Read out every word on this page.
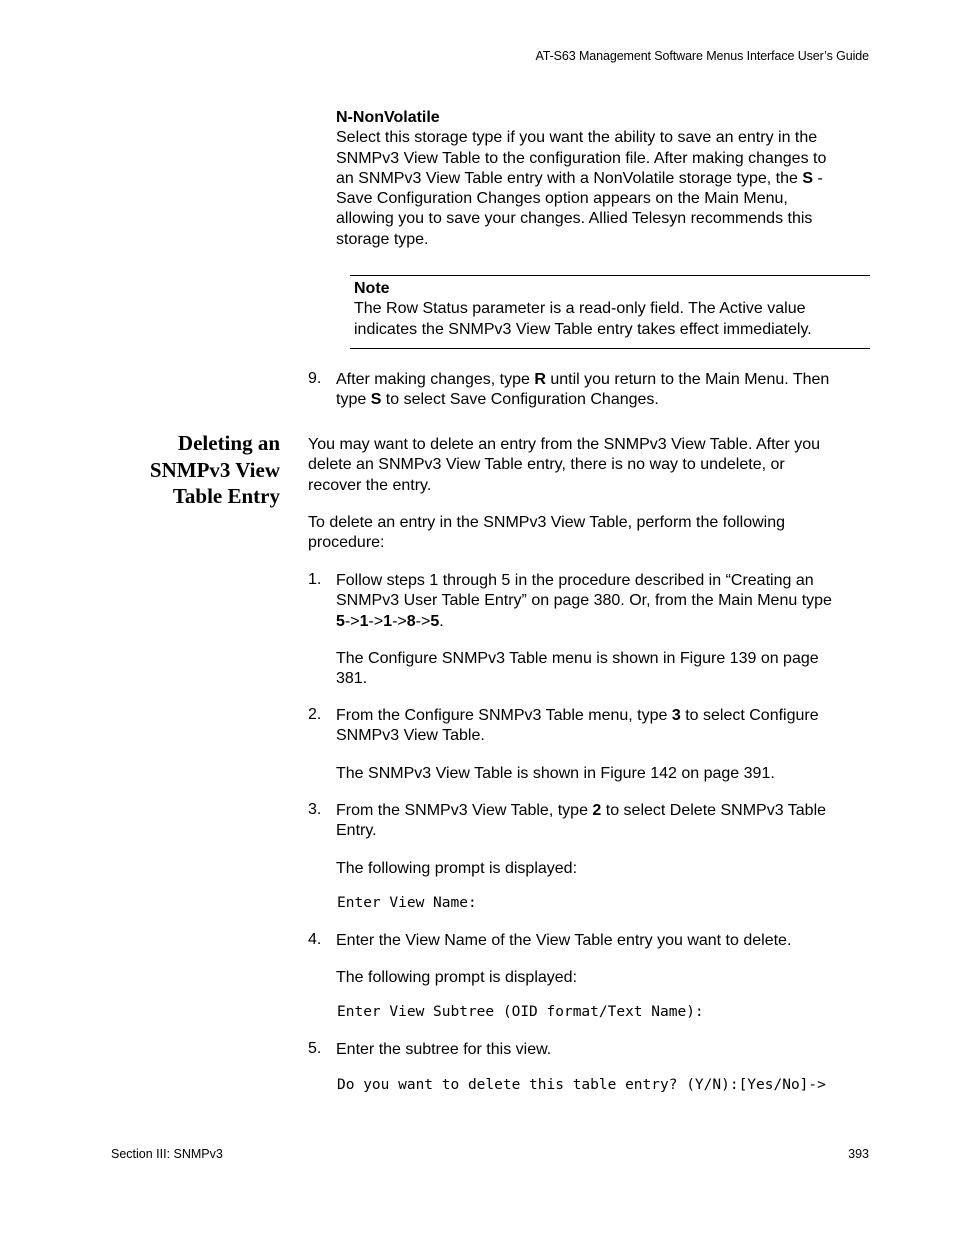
AT-S63 Management Software Menus Interface User’s Guide
N-NonVolatile
Select this storage type if you want the ability to save an entry in the
SNMPv3 View Table to the configuration file. After making changes to
an SNMPv3 View Table entry with a NonVolatile storage type, the S -
Save Configuration Changes option appears on the Main Menu,
allowing you to save your changes. Allied Telesyn recommends this
storage type.
Note
The Row Status parameter is a read-only field. The Active value
indicates the SNMPv3 View Table entry takes effect immediately.
9. After making changes, type R until you return to the Main Menu. Then
type S to select Save Configuration Changes.
Deleting an
SNMPv3 View
Table Entry
You may want to delete an entry from the SNMPv3 View Table. After you
delete an SNMPv3 View Table entry, there is no way to undelete, or
recover the entry.
To delete an entry in the SNMPv3 View Table, perform the following
procedure:
1. Follow steps 1 through 5 in the procedure described in “Creating an
SNMPv3 User Table Entry” on page 380. Or, from the Main Menu type
5->1->1->8->5.
The Configure SNMPv3 Table menu is shown in Figure 139 on page
381.
2. From the Configure SNMPv3 Table menu, type 3 to select Configure
SNMPv3 View Table.
The SNMPv3 View Table is shown in Figure 142 on page 391.
3. From the SNMPv3 View Table, type 2 to select Delete SNMPv3 Table
Entry.
The following prompt is displayed:
Enter View Name:
4. Enter the View Name of the View Table entry you want to delete.
The following prompt is displayed:
Enter View Subtree (OID format/Text Name):
5. Enter the subtree for this view.
Do you want to delete this table entry? (Y/N):[Yes/No]->
Section III: SNMPv3	393
